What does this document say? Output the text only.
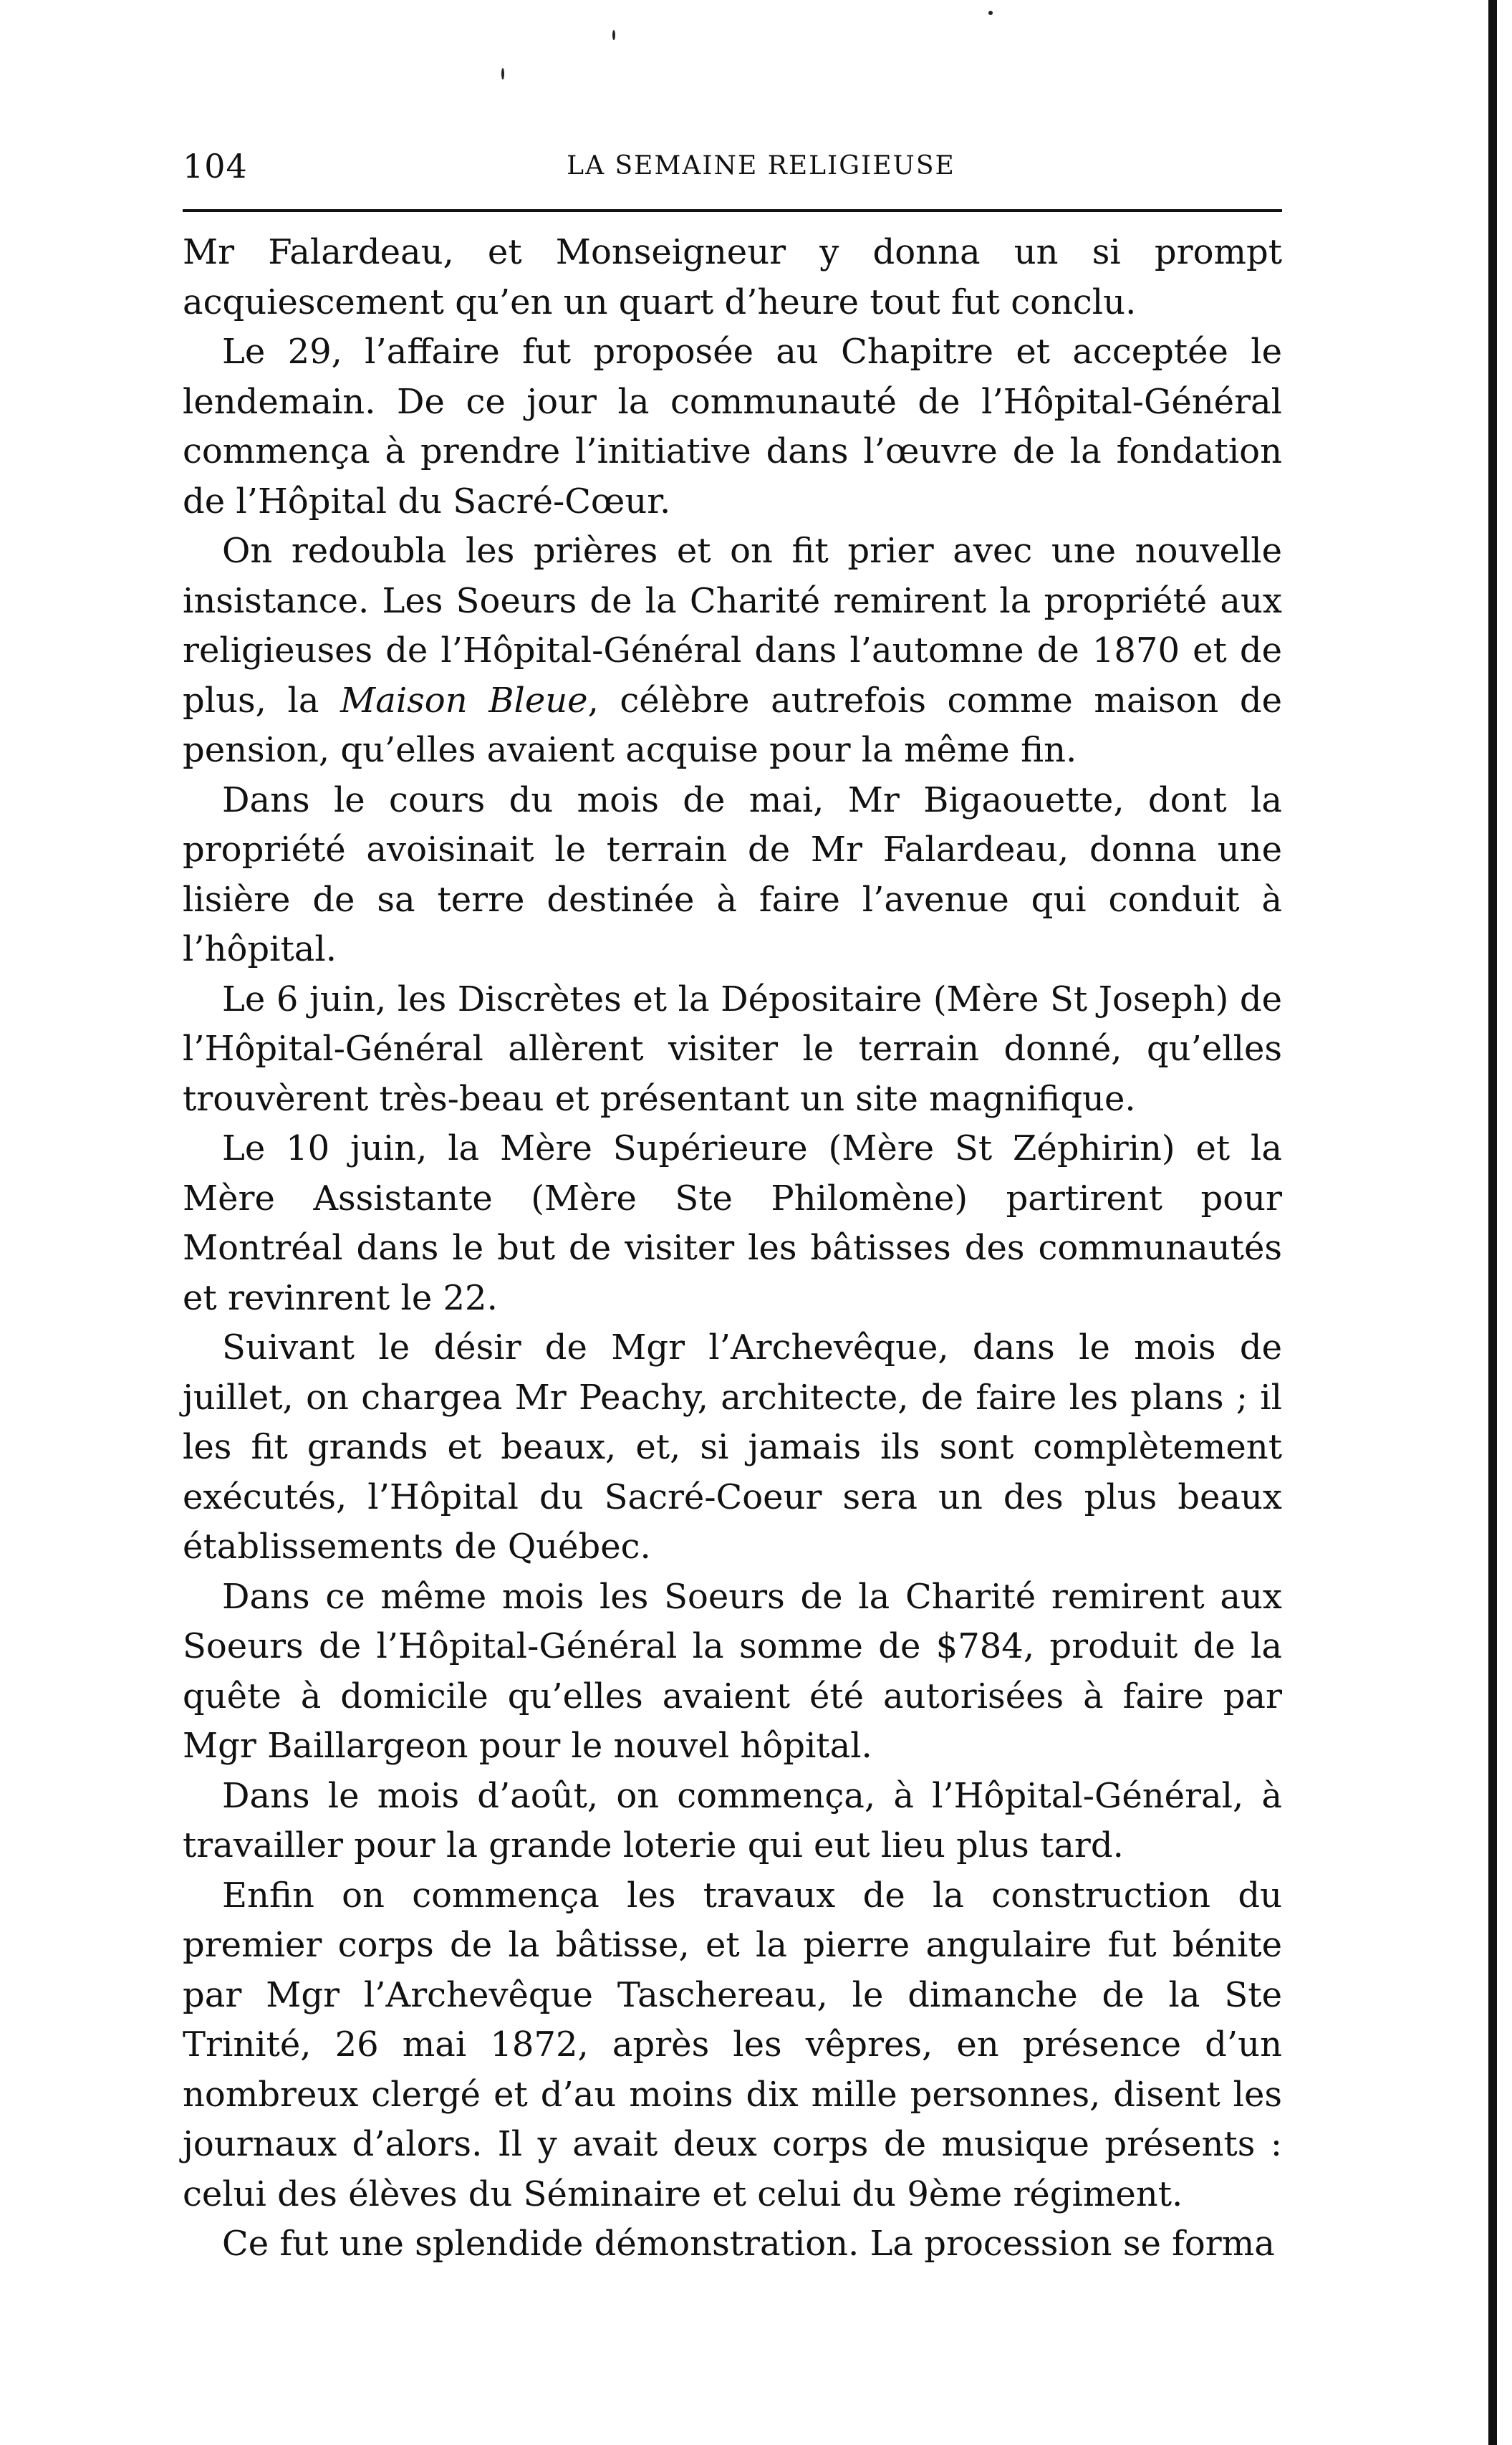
104	LA SEMAINE RELIGIEUSE

Mr Falardeau, et Monseigneur y donna un si prompt acquiescement qu’en un quart d’heure tout fut conclu.

Le 29, l’affaire fut proposée au Chapitre et acceptée le lendemain. De ce jour la communauté de l’Hôpital-Général commença à prendre l’initiative dans l’œuvre de la fondation de l’Hôpital du Sacré-Cœur.

On redoubla les prières et on fit prier avec une nouvelle insistance. Les Soeurs de la Charité remirent la propriété aux religieuses de l’Hôpital-Général dans l’automne de 1870 et de plus, la Maison Bleue, célèbre autrefois comme maison de pension, qu’elles avaient acquise pour la même fin.

Dans le cours du mois de mai, Mr Bigaouette, dont la propriété avoisinait le terrain de Mr Falardeau, donna une lisière de sa terre destinée à faire l’avenue qui conduit à l’hôpital.

Le 6 juin, les Discrètes et la Dépositaire (Mère St Joseph) de l’Hôpital-Général allèrent visiter le terrain donné, qu’elles trouvèrent très-beau et présentant un site magnifique.

Le 10 juin, la Mère Supérieure (Mère St Zéphirin) et la Mère Assistante (Mère Ste Philomène) partirent pour Montréal dans le but de visiter les bâtisses des communautés et revinrent le 22.

Suivant le désir de Mgr l’Archevêque, dans le mois de juillet, on chargea Mr Peachy, architecte, de faire les plans ; il les fit grands et beaux, et, si jamais ils sont complètement exécutés, l’Hôpital du Sacré-Coeur sera un des plus beaux établissements de Québec.

Dans ce même mois les Soeurs de la Charité remirent aux Soeurs de l’Hôpital-Général la somme de $784, produit de la quête à domicile qu’elles avaient été autorisées à faire par Mgr Baillargeon pour le nouvel hôpital.

Dans le mois d’août, on commença, à l’Hôpital-Général, à travailler pour la grande loterie qui eut lieu plus tard.

Enfin on commença les travaux de la construction du premier corps de la bâtisse, et la pierre angulaire fut bénite par Mgr l’Archevêque Taschereau, le dimanche de la Ste Trinité, 26 mai 1872, après les vêpres, en présence d’un nombreux clergé et d’au moins dix mille personnes, disent les journaux d’alors. Il y avait deux corps de musique présents : celui des élèves du Séminaire et celui du 9ème régiment.

Ce fut une splendide démonstration. La procession se forma
